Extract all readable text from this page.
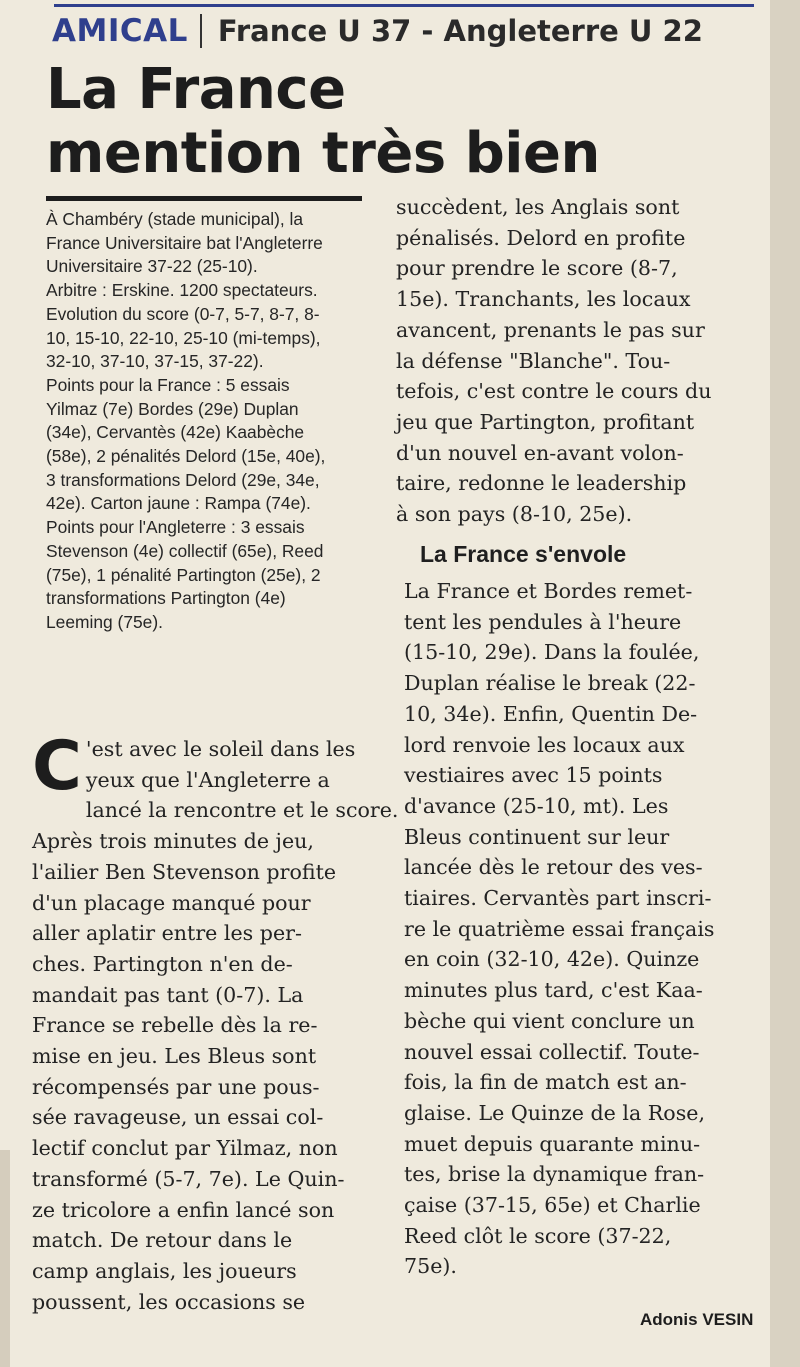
AMICAL France U 37 - Angleterre U 22
La France
mention très bien
À Chambéry (stade municipal), la
France Universitaire bat l'Angleterre
Universitaire 37-22 (25-10).
Arbitre : Erskine. 1200 spectateurs.
Evolution du score (0-7, 5-7, 8-7, 8-
10, 15-10, 22-10, 25-10 (mi-temps),
32-10, 37-10, 37-15, 37-22).
Points pour la France : 5 essais
Yilmaz (7e) Bordes (29e) Duplan
(34e), Cervantès (42e) Kaabèche
(58e), 2 pénalités Delord (15e, 40e),
3 transformations Delord (29e, 34e,
42e). Carton jaune : Rampa (74e).
Points pour l'Angleterre : 3 essais
Stevenson (4e) collectif (65e), Reed
(75e), 1 pénalité Partington (25e), 2
transformations Partington (4e)
Leeming (75e).
C 'est avec le soleil dans les
yeux que l'Angleterre a
lancé la rencontre et le score.
Après trois minutes de jeu,
l'ailier Ben Stevenson profite
d'un placage manqué pour
aller aplatir entre les per-
ches. Partington n'en de-
mandait pas tant (0-7). La
France se rebelle dès la re-
mise en jeu. Les Bleus sont
récompensés par une pous-
sée ravageuse, un essai col-
lectif conclut par Yilmaz, non
transformé (5-7, 7e). Le Quin-
ze tricolore a enfin lancé son
match. De retour dans le
camp anglais, les joueurs
poussent, les occasions se
succèdent, les Anglais sont
pénalisés. Delord en profite
pour prendre le score (8-7,
15e). Tranchants, les locaux
avancent, prenants le pas sur
la défense "Blanche". Tou-
tefois, c'est contre le cours du
jeu que Partington, profitant
d'un nouvel en-avant volon-
taire, redonne le leadership
à son pays (8-10, 25e).
La France s'envole
La France et Bordes remet-
tent les pendules à l'heure
(15-10, 29e). Dans la foulée,
Duplan réalise le break (22-
10, 34e). Enfin, Quentin De-
lord renvoie les locaux aux
vestiaires avec 15 points
d'avance (25-10, mt). Les
Bleus continuent sur leur
lancée dès le retour des ves-
tiaires. Cervantès part inscri-
re le quatrième essai français
en coin (32-10, 42e). Quinze
minutes plus tard, c'est Kaa-
bèche qui vient conclure un
nouvel essai collectif. Toute-
fois, la fin de match est an-
glaise. Le Quinze de la Rose,
muet depuis quarante minu-
tes, brise la dynamique fran-
çaise (37-15, 65e) et Charlie
Reed clôt le score (37-22,
75e).
Adonis VESIN
